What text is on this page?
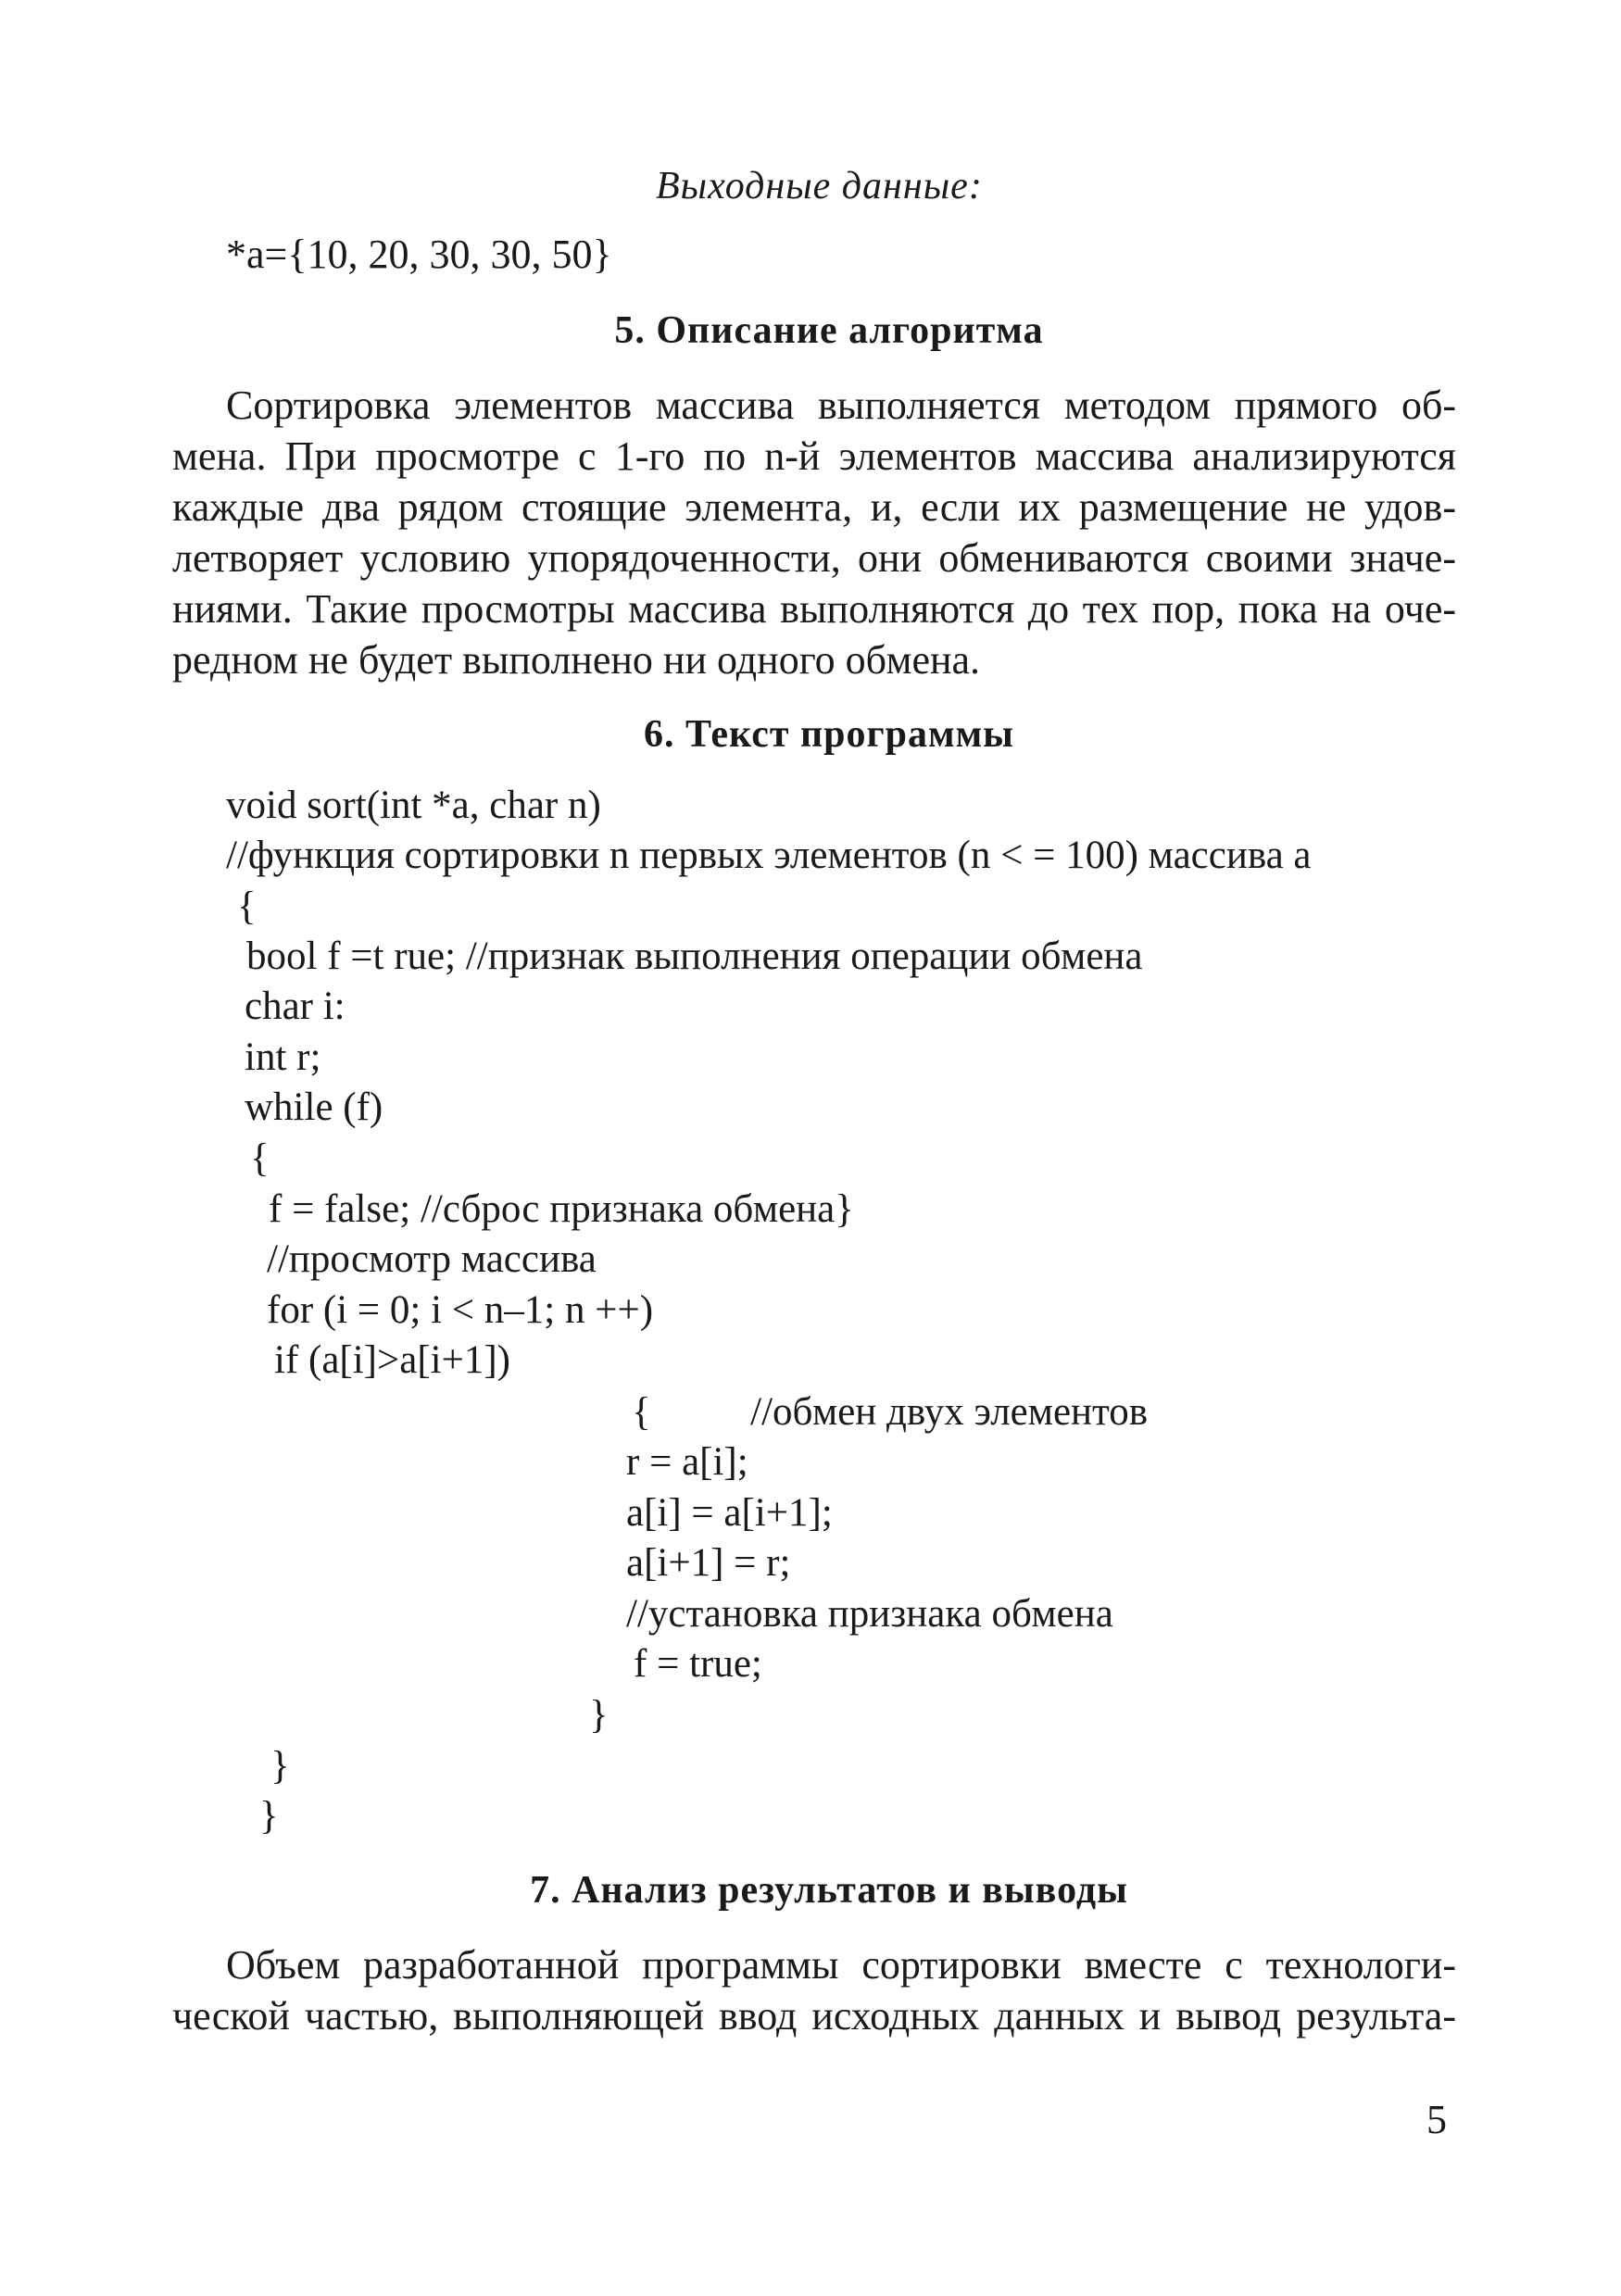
Выходные данные:
*a={10, 20, 30, 30, 50}
5. Описание алгоритма
Сортировка элементов массива выполняется методом прямого об-
мена. При просмотре с 1-го по n-й элементов массива анализируются
каждые два рядом стоящие элемента, и, если их размещение не удов-
летворяет условию упорядоченности, они обмениваются своими значе-
ниями. Такие просмотры массива выполняются до тех пор, пока на оче-
редном не будет выполнено ни одного обмена.
6. Текст программы
void sort(int *a, char n)
//функция сортировки n первых элементов (n < = 100) массива a
{
bool f =t rue; //признак выполнения операции обмена
char i:
int r;
while (f)
{
f = false; //сброс признака обмена}
//просмотр массива
for (i = 0; i < n–1; n ++)
if (a[i]>a[i+1])
{          //обмен двух элементов
r = a[i];
a[i] = a[i+1];
a[i+1] = r;
//установка признака обмена
f = true;
}
}
}
7. Анализ результатов и выводы
Объем разработанной программы сортировки вместе с технологи-
ческой частью, выполняющей ввод исходных данных и вывод результа-
5
